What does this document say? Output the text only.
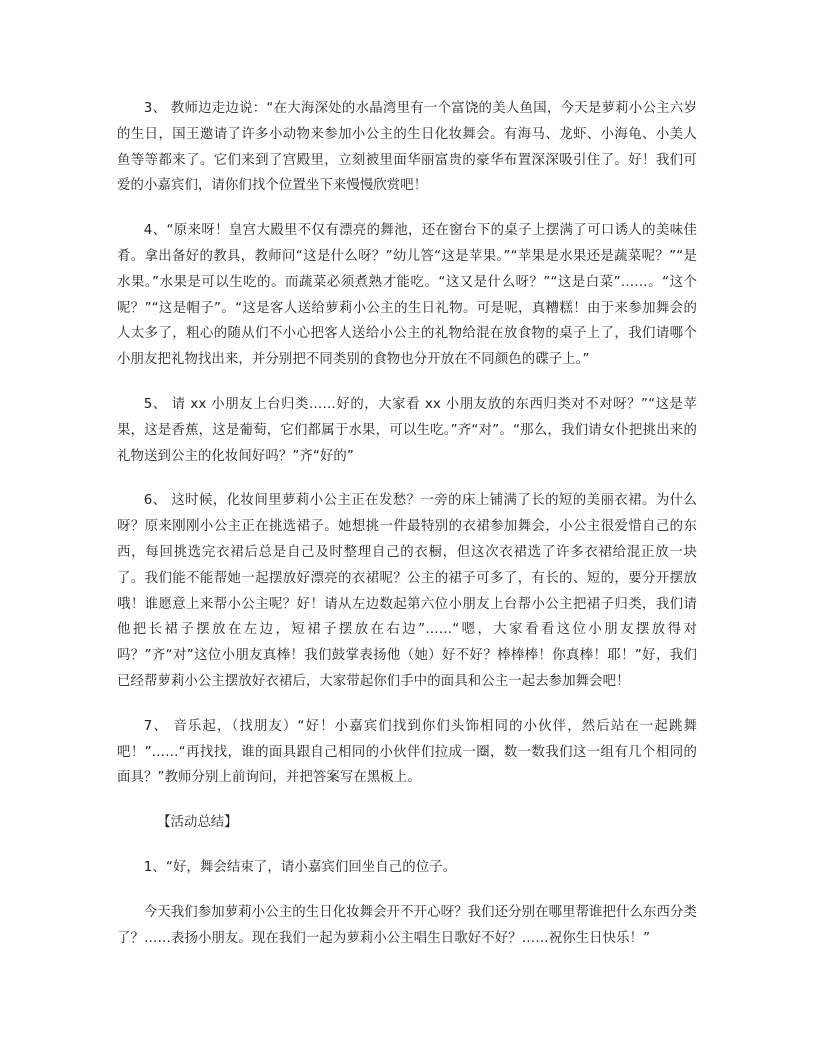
3、 教师边走边说：“在大海深处的水晶湾里有一个富饶的美人鱼国，今天是萝莉小公主六岁的生日，国王邀请了许多小动物来参加小公主的生日化妆舞会。有海马、龙虾、小海龟、小美人鱼等等都来了。它们来到了宫殿里，立刻被里面华丽富贵的豪华布置深深吸引住了。好！我们可爱的小嘉宾们，请你们找个位置坐下来慢慢欣赏吧！

4、“原来呀！皇宫大殿里不仅有漂亮的舞池，还在窗台下的桌子上摆满了可口诱人的美味佳肴。拿出备好的教具，教师问“这是什么呀？”幼儿答“这是苹果。”“苹果是水果还是蔬菜呢？”“是水果。”水果是可以生吃的。而蔬菜必须煮熟才能吃。“这又是什么呀？”“这是白菜”……。“这个呢？”“这是帽子”。“这是客人送给萝莉小公主的生日礼物。可是呢，真糟糕！由于来参加舞会的人太多了，粗心的随从们不小心把客人送给小公主的礼物给混在放食物的桌子上了，我们请哪个小朋友把礼物找出来，并分别把不同类别的食物也分开放在不同颜色的碟子上。”

5、 请 xx 小朋友上台归类……好的，大家看 xx 小朋友放的东西归类对不对呀？”“这是苹果，这是香蕉，这是葡萄，它们都属于水果，可以生吃。”齐“对”。“那么，我们请女仆把挑出来的礼物送到公主的化妆间好吗？”齐“好的”

6、 这时候，化妆间里萝莉小公主正在发愁？一旁的床上铺满了长的短的美丽衣裙。为什么呀？原来刚刚小公主正在挑选裙子。她想挑一件最特别的衣裙参加舞会，小公主很爱惜自己的东西，每回挑选完衣裙后总是自己及时整理自己的衣橱，但这次衣裙选了许多衣裙给混正放一块了。我们能不能帮她一起摆放好漂亮的衣裙呢？公主的裙子可多了，有长的、短的，要分开摆放哦！谁愿意上来帮小公主呢？好！请从左边数起第六位小朋友上台帮小公主把裙子归类，我们请他把长裙子摆放在左边，短裙子摆放在右边”……“嗯，大家看看这位小朋友摆放得对吗？”齐“对”这位小朋友真棒！我们鼓掌表扬他（她）好不好？棒棒棒！你真棒！耶！”好，我们已经帮萝莉小公主摆放好衣裙后，大家带起你们手中的面具和公主一起去参加舞会吧！

7、 音乐起，（找朋友）“好！小嘉宾们找到你们头饰相同的小伙伴，然后站在一起跳舞吧！”……“再找找，谁的面具跟自己相同的小伙伴们拉成一圈，数一数我们这一组有几个相同的面具？”教师分别上前询问，并把答案写在黑板上。

【活动总结】

1、“好，舞会结束了，请小嘉宾们回坐自己的位子。

今天我们参加萝莉小公主的生日化妆舞会开不开心呀？我们还分别在哪里帮谁把什么东西分类了？……表扬小朋友。现在我们一起为萝莉小公主唱生日歌好不好？……祝你生日快乐！”
